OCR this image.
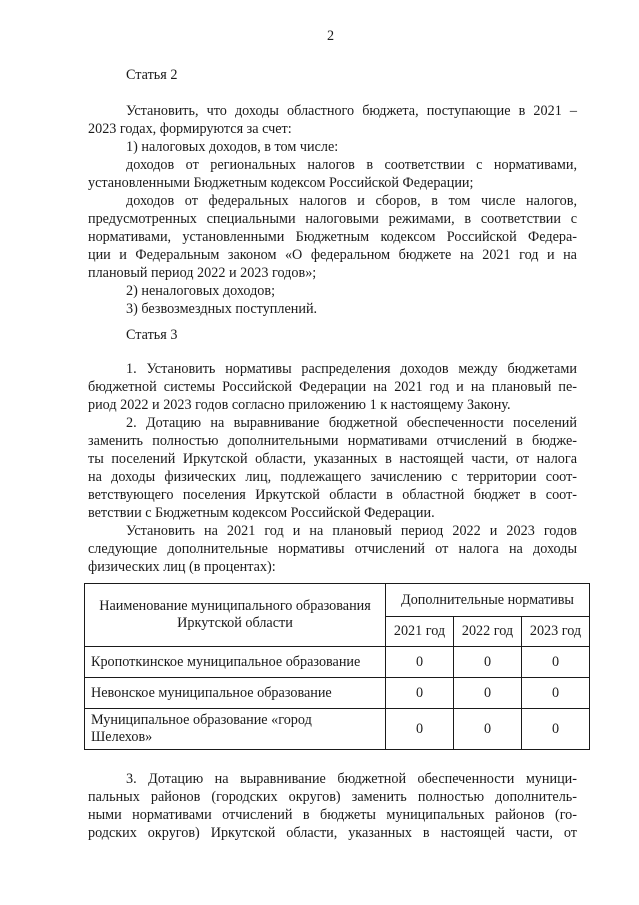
2
Статья 2
Установить, что доходы областного бюджета, поступающие в 2021 –
2023 годах, формируются за счет:
1) налоговых доходов, в том числе:
доходов от региональных налогов в соответствии с нормативами,
установленными Бюджетным кодексом Российской Федерации;
доходов от федеральных налогов и сборов, в том числе налогов,
предусмотренных специальными налоговыми режимами, в соответствии с
нормативами, установленными Бюджетным кодексом Российской Федера-
ции и Федеральным законом «О федеральном бюджете на 2021 год и на
плановый период 2022 и 2023 годов»;
2) неналоговых доходов;
3) безвозмездных поступлений.
Статья 3
1. Установить нормативы распределения доходов между бюджетами
бюджетной системы Российской Федерации на 2021 год и на плановый пе-
риод 2022 и 2023 годов согласно приложению 1 к настоящему Закону.
2. Дотацию на выравнивание бюджетной обеспеченности поселений
заменить полностью дополнительными нормативами отчислений в бюдже-
ты поселений Иркутской области, указанных в настоящей части, от налога
на доходы физических лиц, подлежащего зачислению с территории соот-
ветствующего поселения Иркутской области в областной бюджет в соот-
ветствии с Бюджетным кодексом Российской Федерации.
Установить на 2021 год и на плановый период 2022 и 2023 годов
следующие дополнительные нормативы отчислений от налога на доходы
физических лиц (в процентах):
Наименование муниципального образования
Иркутской области	Дополнительные нормативы		
	2021 год	2022 год	2023 год
Кропоткинское муниципальное образование	0	0	0
Невонское муниципальное образование	0	0	0

Муниципальное образование «город
Шелехов»	0	0	0
3. Дотацию на выравнивание бюджетной обеспеченности муници-
пальных районов (городских округов) заменить полностью дополнитель-
ными нормативами отчислений в бюджеты муниципальных районов (го-
родских округов) Иркутской области, указанных в настоящей части, от
